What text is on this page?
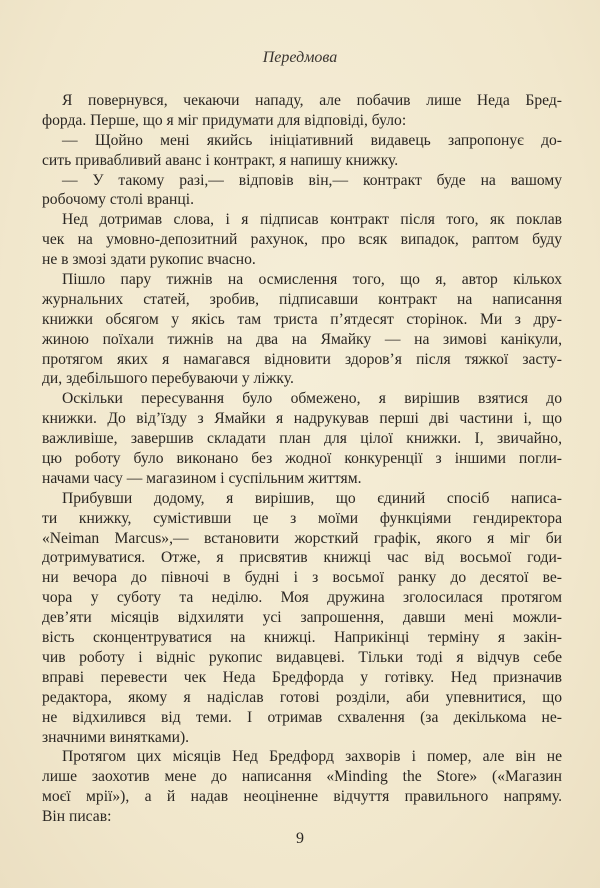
Передмова
Я повернувся, чекаючи нападу, але побачив лише Неда Бред-
форда. Перше, що я міг придумати для відповіді, було:
— Щойно мені якийсь ініціативний видавець запропонує до-
сить привабливий аванс і контракт, я напишу книжку.
— У такому разі,— відповів він,— контракт буде на вашому
робочому столі вранці.
Нед дотримав слова, і я підписав контракт після того, як поклав
чек на умовно-депозитний рахунок, про всяк випадок, раптом буду
не в змозі здати рукопис вчасно.
Пішло пару тижнів на осмислення того, що я, автор кількох
журнальних статей, зробив, підписавши контракт на написання
книжки обсягом у якісь там триста п’ятдесят сторінок. Ми з дру-
жиною поїхали тижнів на два на Ямайку — на зимові канікули,
протягом яких я намагався відновити здоров’я після тяжкої засту-
ди, здебільшого перебуваючи у ліжку.
Оскільки пересування було обмежено, я вирішив взятися до
книжки. До від’їзду з Ямайки я надрукував перші дві частини і, що
важливіше, завершив складати план для цілої книжки. І, звичайно,
цю роботу було виконано без жодної конкуренції з іншими погли-
начами часу — магазином і суспільним життям.
Прибувши додому, я вирішив, що єдиний спосіб написа-
ти книжку, сумістивши це з моїми функціями гендиректора
«Neiman Marcus»,— встановити жорсткий графік, якого я міг би
дотримуватися. Отже, я присвятив книжці час від восьмої годи-
ни вечора до півночі в будні і з восьмої ранку до десятої ве-
чора у суботу та неділю. Моя дружина зголосилася протягом
дев’яти місяців відхиляти усі запрошення, давши мені можли-
вість сконцентруватися на книжці. Наприкінці терміну я закін-
чив роботу і відніс рукопис видавцеві. Тільки тоді я відчув себе
вправі перевести чек Неда Бредфорда у готівку. Нед призначив
редактора, якому я надіслав готові розділи, аби упевнитися, що
не відхилився від теми. І отримав схвалення (за декількома не-
значними винятками).
Протягом цих місяців Нед Бредфорд захворів і помер, але він не
лише заохотив мене до написання «Minding the Store» («Магазин
моєї мрії»), а й надав неоціненне відчуття правильного напряму.
Він писав:
9
